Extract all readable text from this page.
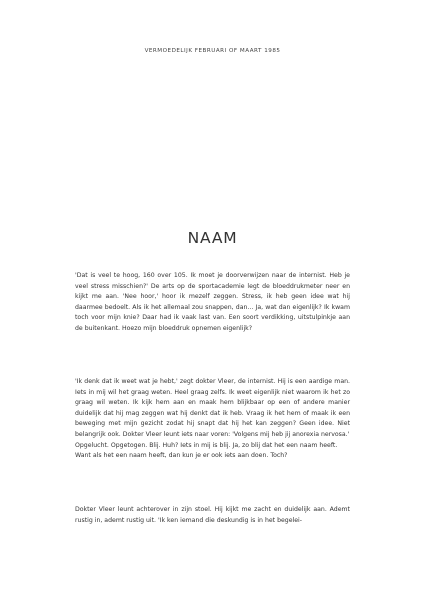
VERMOEDELIJK FEBRUARI OF MAART 1985
NAAM

'Dat is veel te hoog, 160 over 105. Ik moet je doorverwijzen naar de internist. Heb je veel stress misschien?' De arts op de sportacademie legt de bloeddrukmeter neer en kijkt me aan. 'Nee hoor,' hoor ik mezelf zeggen. Stress, ik heb geen idee wat hij daarmee bedoelt. Als ik het allemaal zou snappen, dan... Ja, wat dan eigenlijk? Ik kwam toch voor mijn knie? Daar had ik vaak last van. Een soort verdikking, uitstulpinkje aan de buitenkant. Hoezo mijn bloeddruk opnemen eigenlijk?

'Ik denk dat ik weet wat je hebt,' zegt dokter Vleer, de internist. Hij is een aardige man. Iets in mij wil het graag weten. Heel graag zelfs. Ik weet eigenlijk niet waarom ik het zo graag wil weten. Ik kijk hem aan en maak hem blijkbaar op een of andere manier duidelijk dat hij mag zeggen wat hij denkt dat ik heb. Vraag ik het hem of maak ik een beweging met mijn gezicht zodat hij snapt dat hij het kan zeggen? Geen idee. Niet belangrijk ook. Dokter Vleer leunt iets naar voren: 'Volgens mij heb jij anorexia nervosa.'

Opgelucht. Opgetogen. Blij. Huh? Iets in mij is blij. Ja, zo blij dat het een naam heeft. Want als het een naam heeft, dan kun je er ook iets aan doen. Toch?

Dokter Vleer leunt achterover in zijn stoel. Hij kijkt me zacht en duidelijk aan. Ademt rustig in, ademt rustig uit. 'Ik ken iemand die deskundig is in het begelei-
